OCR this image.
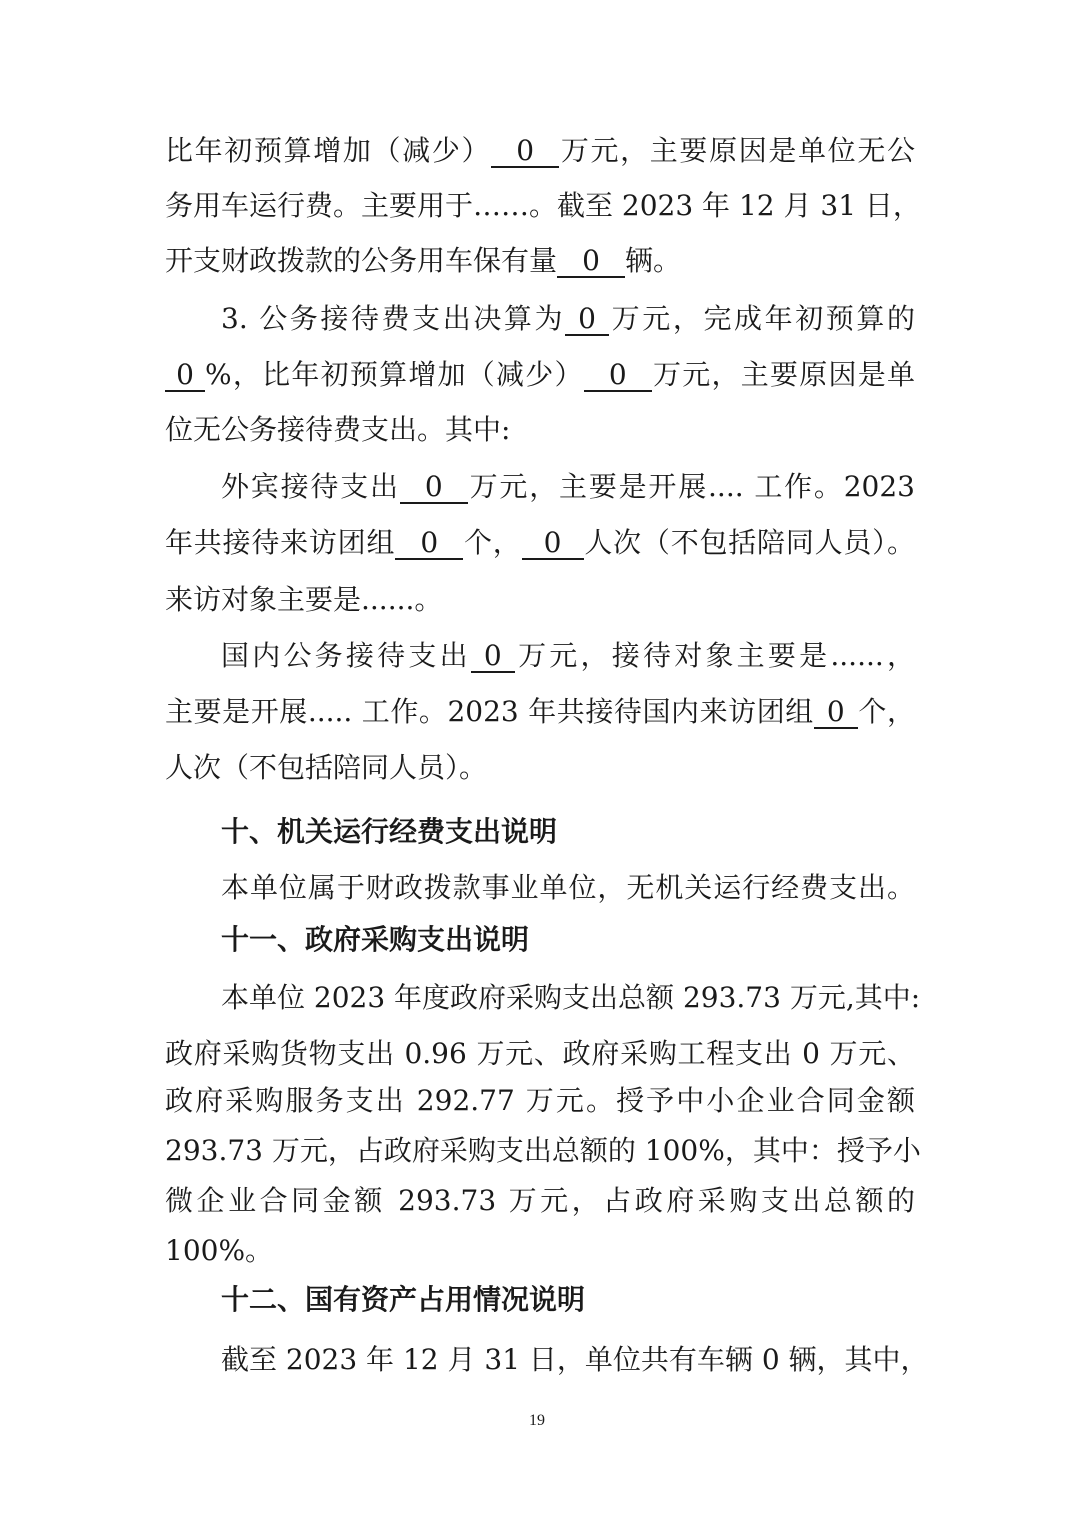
比年初预算增加（减少） 0 万元，主要原因是单位无公
务用车运行费。主要用于……。截至 2023 年 12 月 31 日，
开支财政拨款的公务用车保有量 0 辆。
3. 公务接待费支出决算为 0 万元，完成年初预算的
0 %，比年初预算增加（减少） 0 万元，主要原因是单
位无公务接待费支出。其中:
外宾接待支出 0 万元，主要是开展.... 工作。2023
年共接待来访团组 0 个， 0 人次（不包括陪同人员）。
来访对象主要是......。
国内公务接待支出 0 万元，接待对象主要是......，
主要是开展..... 工作。2023 年共接待国内来访团组 0 个，
人次（不包括陪同人员）。
十、机关运行经费支出说明
本单位属于财政拨款事业单位，无机关运行经费支出。
十一、政府采购支出说明
本单位 2023 年度政府采购支出总额 293.73 万元,其中:
政府采购货物支出 0.96 万元、政府采购工程支出 0 万元、
政府采购服务支出 292.77 万元。授予中小企业合同金额
293.73 万元，占政府采购支出总额的 100%，其中：授予小
微企业合同金额 293.73 万元，占政府采购支出总额的
100%。
十二、国有资产占用情况说明
截至 2023 年 12 月 31 日，单位共有车辆 0 辆，其中，
19
